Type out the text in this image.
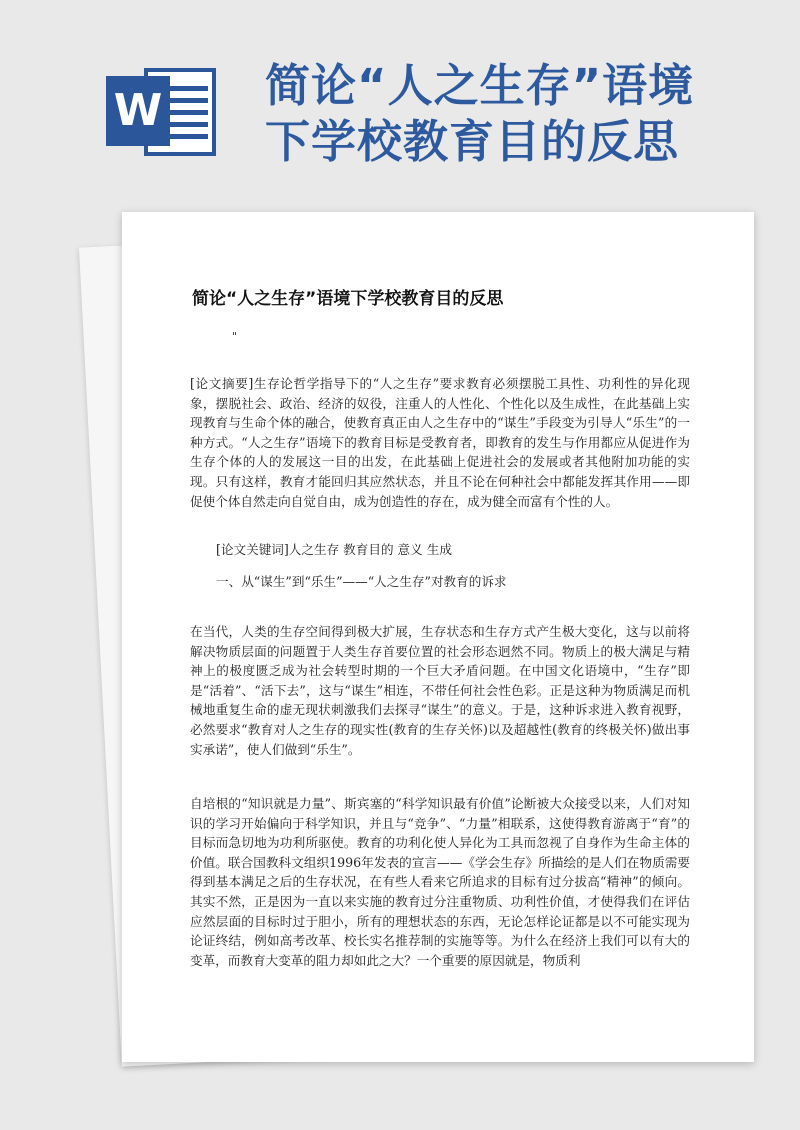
W 简论“人之生存”语境
下学校教育目的反思
简论“人之生存”语境下学校教育目的反思
"

[论文摘要]生存论哲学指导下的“人之生存”要求教育必须摆脱工具性、功利性的异化现象，摆脱社会、政治、经济的奴役，注重人的人性化、个性化以及生成性，在此基础上实现教育与生命个体的融合，使教育真正由人之生存中的“谋生”手段变为引导人“乐生”的一种方式。“人之生存”语境下的教育目标是受教育者，即教育的发生与作用都应从促进作为生存个体的人的发展这一目的出发，在此基础上促进社会的发展或者其他附加功能的实现。只有这样，教育才能回归其应然状态，并且不论在何种社会中都能发挥其作用——即促使个体自然走向自觉自由，成为创造性的存在，成为健全而富有个性的人。

[论文关键词]人之生存 教育目的 意义 生成

一、从“谋生”到“乐生”——“人之生存”对教育的诉求

在当代，人类的生存空间得到极大扩展，生存状态和生存方式产生极大变化，这与以前将解决物质层面的问题置于人类生存首要位置的社会形态迥然不同。物质上的极大满足与精神上的极度匮乏成为社会转型时期的一个巨大矛盾问题。在中国文化语境中，“生存”即是“活着”、“活下去”，这与“谋生”相连，不带任何社会性色彩。正是这种为物质满足而机械地重复生命的虚无现状刺激我们去探寻“谋生”的意义。于是，这种诉求进入教育视野，必然要求“教育对人之生存的现实性(教育的生存关怀)以及超越性(教育的终极关怀)做出事实承诺”，使人们做到“乐生”。

自培根的“知识就是力量”、斯宾塞的“科学知识最有价值”论断被大众接受以来，人们对知识的学习开始偏向于科学知识，并且与“竞争”、“力量”相联系，这使得教育游离于“育”的目标而急切地为功利所驱使。教育的功利化使人异化为工具而忽视了自身作为生命主体的价值。联合国教科文组织1996年发表的宣言——《学会生存》所描绘的是人们在物质需要得到基本满足之后的生存状况，在有些人看来它所追求的目标有过分拔高“精神”的倾向。其实不然，正是因为一直以来实施的教育过分注重物质、功利性价值，才使得我们在评估应然层面的目标时过于胆小，所有的理想状态的东西，无论怎样论证都是以不可能实现为论证终结，例如高考改革、校长实名推荐制的实施等等。为什么在经济上我们可以有大的变革，而教育大变革的阻力却如此之大？一个重要的原因就是，物质利
